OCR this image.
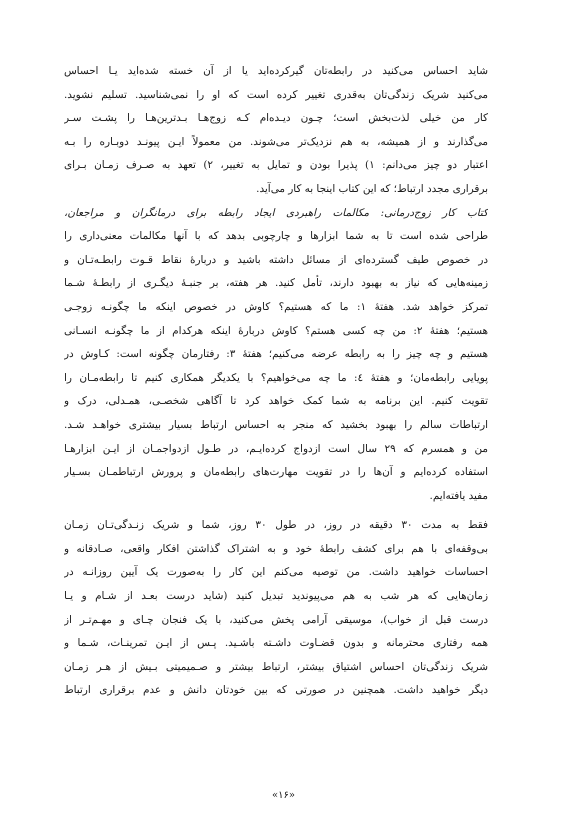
شاید احساس می‌کنید در رابطه‌تان گیرکرده‌اید یا از آن خسته شده‌اید یـا احساس
می‌کنید شریک زندگی‌تان به‌قدری تغییر کرده است که او را نمی‌شناسید. تسلیم نشوید.
کار من خیلی لذت‌بخش است؛ چـون دیـده‌ام کـه زوج‌هـا بـدترین‌هـا را پشـت سـر
می‌گذارند و از همیشه، به هم نزدیک‌تر می‌شوند. من معمولاً ایـن پیونـد دوبـاره را بـه
اعتبار دو چیز می‌دانم: ۱) پذیرا بودن و تمایل به تغییر، ۲) تعهد به صـرف زمـان بـرای
برقراری مجدد ارتباط؛ که این کتاب اینجا به کار می‌آید.

کتاب کار زوج‌درمانی: مکالمات راهبردی ایجاد رابطه برای درمانگران و مراجعان،
طراحی شده است تا به شما ابزارها و چارچوبی بدهد که با آنها مکالمات معنی‌داری را
در خصوص طیف گسترده‌ای از مسائل داشته باشید و دربارهٔ نقاط قـوت رابطـه‌تـان و
زمینه‌هایی که نیاز به بهبود دارند، تأمل کنید. هر هفته، بر جنبـهٔ دیگـری از رابطـهٔ شـما
تمرکز خواهد شد. هفتهٔ ۱: ما که هستیم؟ کاوش در خصوص اینکه ما چگونـه زوجـی
هستیم؛ هفتهٔ ۲: من چه کسی هستم؟ کاوش دربارهٔ اینکه هرکدام از ما چگونـه انسـانی
هستیم و چه چیز را به رابطه عرضه می‌کنیم؛ هفتهٔ ۳: رفتارمان چگونه است: کـاوش در
پویایی رابطه‌مان؛ و هفتهٔ ٤: ما چه می‌خواهیم؟ با یکدیگر همکاری کنیم تا رابطه‌مـان را
تقویت کنیم. این برنامه به شما کمک خواهد کرد تا آگاهی شخصـی، همـدلی، درک و
ارتباطات سالم را بهبود بخشید که منجر به احساس ارتباط بسیار بیشتری خواهـد شـد.
من و همسرم که ۲۹ سال است ازدواج کرده‌ایـم، در طـول ازدواجمـان از ایـن ابزارهـا
استفاده کرده‌ایم و آن‌ها را در تقویت مهارت‌های رابطه‌مان و پرورش ارتباطمـان بسـیار
مفید یافته‌ایم.

فقط به مدت ۳۰ دقیقه در روز، در طول ۳۰ روز، شما و شریک زنـدگی‌تـان زمـان
بی‌وقفه‌ای با هم برای کشف رابطهٔ خود و به اشتراک گذاشتن افکار واقعی، صـادقانه و
احساسات خواهید داشت. من توصیه می‌کنم این کار را به‌صورت یک آیین روزانـه در
زمان‌هایی که هر شب به هم می‌پیوندید تبدیل کنید (شاید درست بعـد از شـام و یـا
درست قبل از خواب)، موسیقی آرامی پخش می‌کنید، با یک فنجان چـای و مهـم‌تـر از
همه رفتاری محترمانه و بدون قضـاوت داشـته باشـید. پـس از ایـن تمرینـات، شـما و
شریک زندگی‌تان احساس اشتیاق بیشتر، ارتباط بیشتر و صـمیمیتی بـیش از هـر زمـان
دیگر خواهید داشت. همچنین در صورتی که بین خودتان دانش و عدم برقراری ارتباط

«۱۶»
